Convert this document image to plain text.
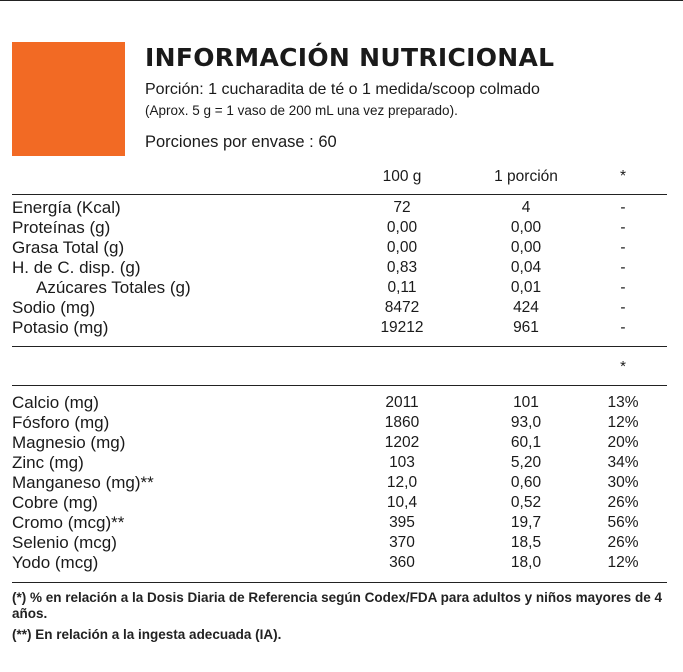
INFORMACIÓN NUTRICIONAL
Porción: 1 cucharadita de té o 1 medida/scoop colmado
(Aprox. 5 g = 1 vaso de 200 mL una vez preparado).
Porciones por envase : 60
100 g	1 porción	*
Energía (Kcal)	72	4	-
Proteínas (g)	0,00	0,00	-
Grasa Total (g)	0,00	0,00	-
H. de C. disp. (g)	0,83	0,04	-
Azúcares Totales (g)	0,11	0,01	-
Sodio (mg)	8472	424	-
Potasio (mg)	19212	961	-
*
Calcio (mg)	2011	101	13%
Fósforo (mg)	1860	93,0	12%
Magnesio (mg)	1202	60,1	20%
Zinc (mg)	103	5,20	34%
Manganeso (mg)**	12,0	0,60	30%
Cobre (mg)	10,4	0,52	26%
Cromo (mcg)**	395	19,7	56%
Selenio (mcg)	370	18,5	26%
Yodo (mcg)	360	18,0	12%
(*) % en relación a la Dosis Diaria de Referencia según Codex/FDA para adultos y niños mayores de 4 años.
(**) En relación a la ingesta adecuada (IA).
